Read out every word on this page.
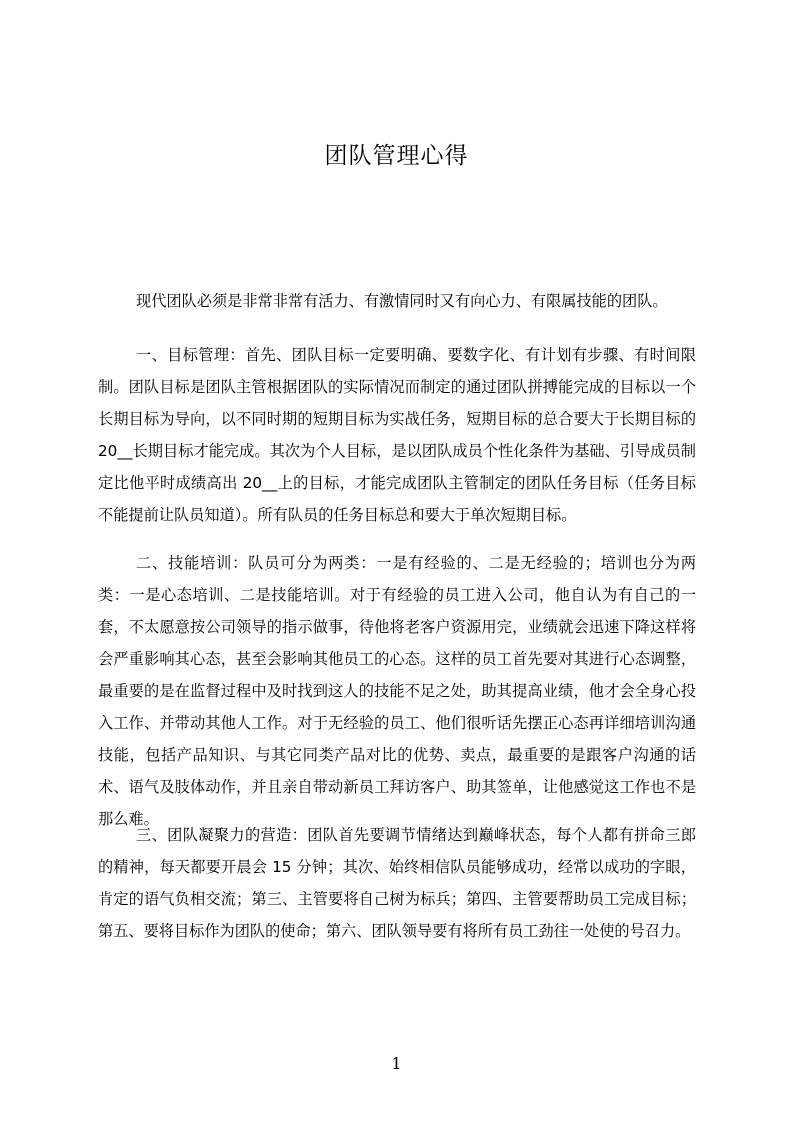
团队管理心得
现代团队必须是非常非常有活力、有激情同时又有向心力、有限属技能的团队。
一、目标管理：首先、团队目标一定要明确、要数字化、有计划有步骤、有时间限制。团队目标是团队主管根据团队的实际情况而制定的通过团队拼搏能完成的目标以一个长期目标为导向，以不同时期的短期目标为实战任务，短期目标的总合要大于长期目标的 20__长期目标才能完成。其次为个人目标，是以团队成员个性化条件为基础、引导成员制定比他平时成绩高出 20__上的目标，才能完成团队主管制定的团队任务目标（任务目标不能提前让队员知道）。所有队员的任务目标总和要大于单次短期目标。
二、技能培训：队员可分为两类：一是有经验的、二是无经验的；培训也分为两类：一是心态培训、二是技能培训。对于有经验的员工进入公司，他自认为有自己的一套，不太愿意按公司领导的指示做事，待他将老客户资源用完，业绩就会迅速下降这样将会严重影响其心态，甚至会影响其他员工的心态。这样的员工首先要对其进行心态调整，最重要的是在监督过程中及时找到这人的技能不足之处，助其提高业绩，他才会全身心投入工作、并带动其他人工作。对于无经验的员工、他们很听话先摆正心态再详细培训沟通技能，包括产品知识、与其它同类产品对比的优势、卖点，最重要的是跟客户沟通的话术、语气及肢体动作，并且亲自带动新员工拜访客户、助其签单，让他感觉这工作也不是那么难。
三、团队凝聚力的营造：团队首先要调节情绪达到巅峰状态，每个人都有拼命三郎的精神，每天都要开晨会 15 分钟；其次、始终相信队员能够成功，经常以成功的字眼，肯定的语气负相交流；第三、主管要将自己树为标兵；第四、主管要帮助员工完成目标；第五、要将目标作为团队的使命；第六、团队领导要有将所有员工劲往一处使的号召力。
1
